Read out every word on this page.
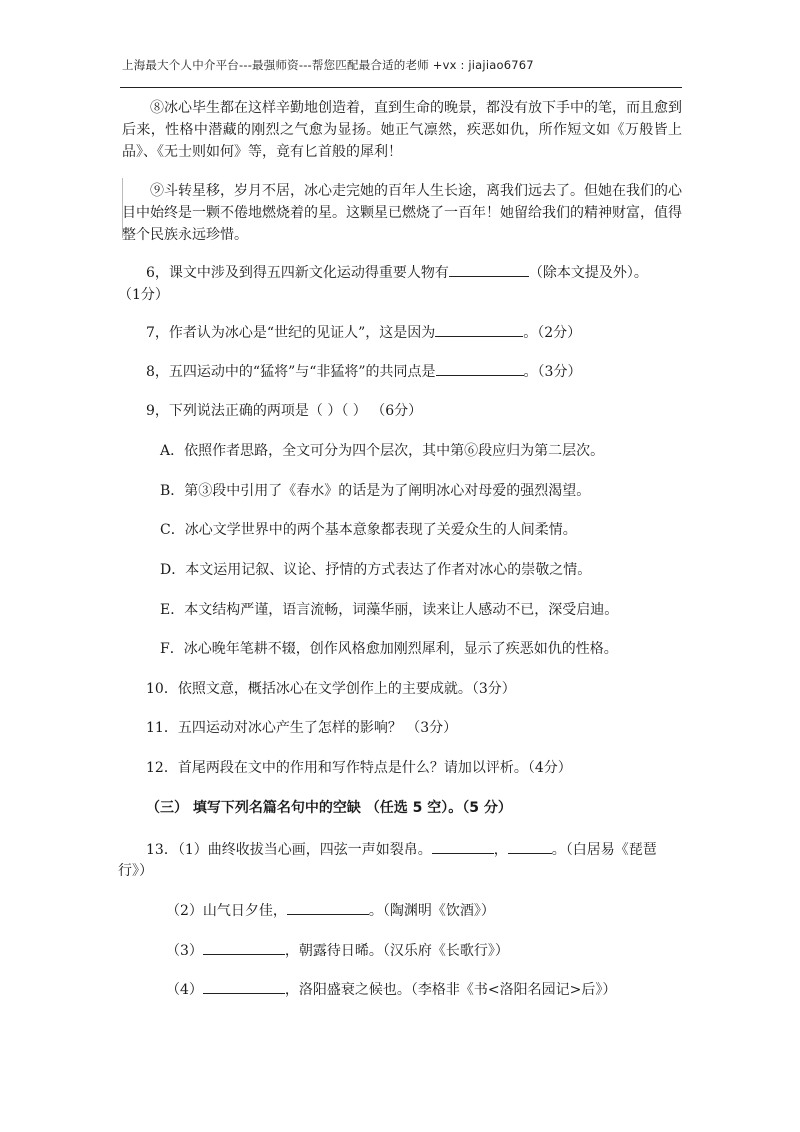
上海最大个人中介平台---最强师资---帮您匹配最合适的老师 +vx : jiajiao6767
⑧冰心毕生都在这样辛勤地创造着，直到生命的晚景，都没有放下手中的笔，而且愈到后来，性格中潜藏的刚烈之气愈为显扬。她正气凛然，疾恶如仇，所作短文如《万般皆上品》、《无士则如何》等，竟有匕首般的犀利！
⑨斗转星移，岁月不居，冰心走完她的百年人生长途，离我们远去了。但她在我们的心目中始终是一颗不倦地燃烧着的星。这颗星已燃烧了一百年！她留给我们的精神财富，值得整个民族永远珍惜。
6，课文中涉及到得五四新文化运动得重要人物有	（除本文提及外）。
（1分）
7，作者认为冰心是“世纪的见证人”，这是因为	。（2分）
8，五四运动中的“猛将”与“非猛将”的共同点是	。（3分）
9，下列说法正确的两项是（ ）（ ） （6分）
A．依照作者思路，全文可分为四个层次，其中第⑥段应归为第二层次。
B．第③段中引用了《春水》的话是为了阐明冰心对母爱的强烈渴望。
C．冰心文学世界中的两个基本意象都表现了关爱众生的人间柔情。
D．本文运用记叙、议论、抒情的方式表达了作者对冰心的崇敬之情。
E．本文结构严谨，语言流畅，词藻华丽，读来让人感动不已，深受启迪。
F．冰心晚年笔耕不辍，创作风格愈加刚烈犀利，显示了疾恶如仇的性格。
10．依照文意，概括冰心在文学创作上的主要成就。（3分）
11．五四运动对冰心产生了怎样的影响？ （3分）
12．首尾两段在文中的作用和写作特点是什么？请加以评析。（4分）
（三） 填写下列名篇名句中的空缺 （任选 5 空）。（5 分）
13．（1）曲终收拔当心画，四弦一声如裂帛。	，	。（白居易《琵琶
行》）
（2）山气日夕佳，	。（陶渊明《饮酒》）
（3）	，朝露待日晞。（汉乐府《长歌行》）
（4）	，洛阳盛衰之候也。（李格非《书<洛阳名园记>后》）
